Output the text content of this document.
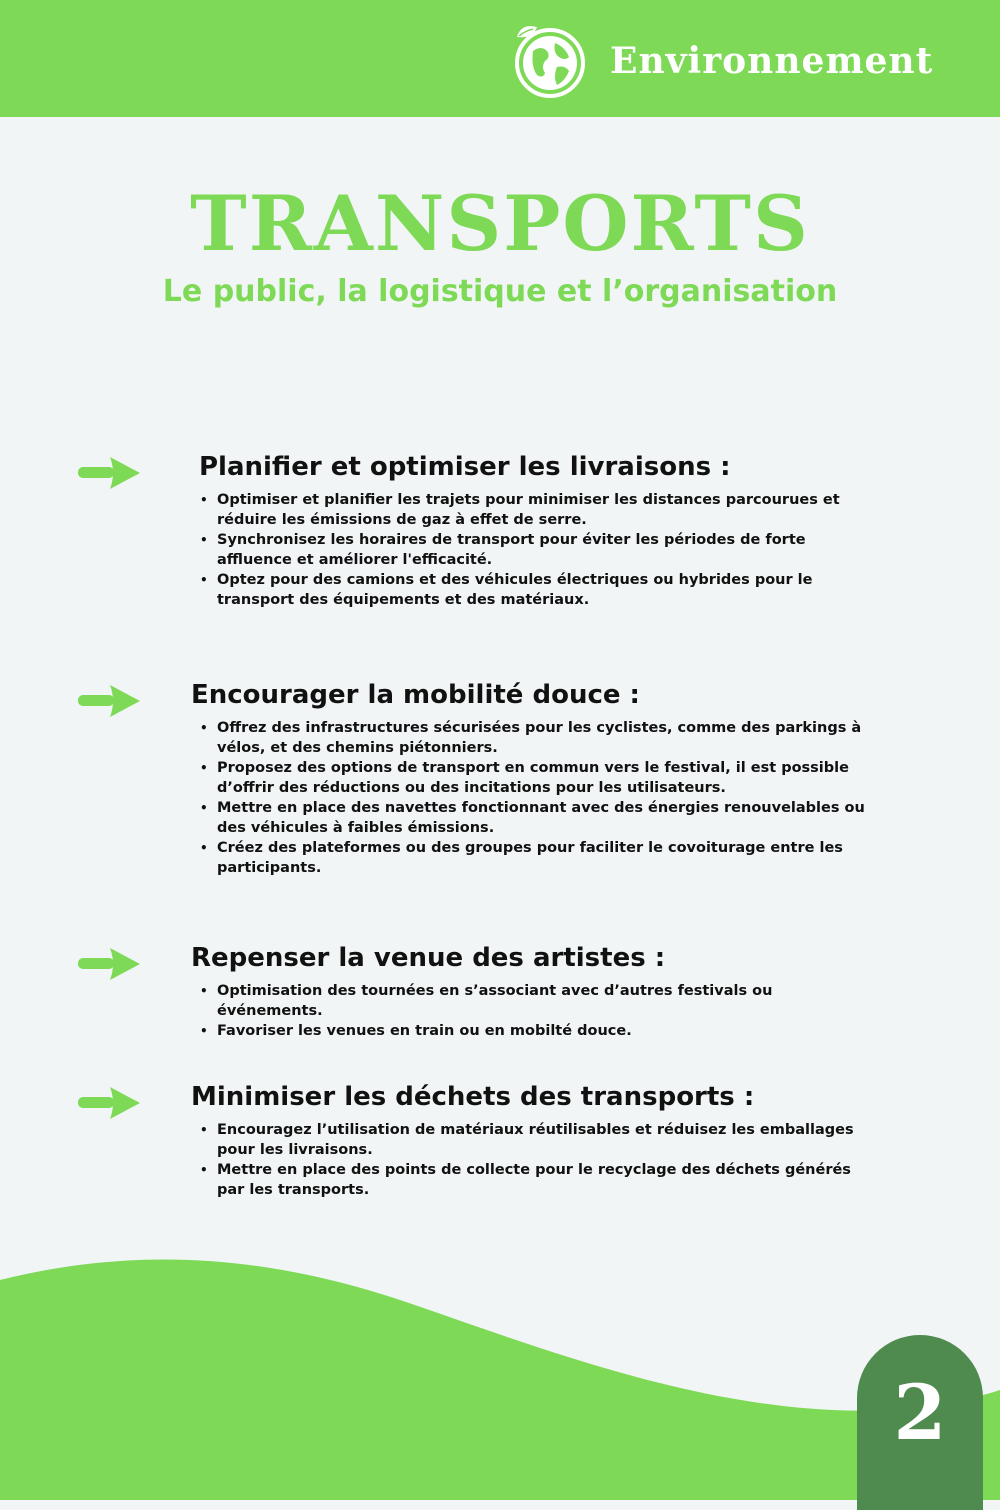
Environnement
TRANSPORTS
Le public, la logistique et l’organisation
Planifier et optimiser les livraisons :
• Optimiser et planifier les trajets pour minimiser les distances parcourues et réduire les émissions de gaz à effet de serre.
• Synchronisez les horaires de transport pour éviter les périodes de forte affluence et améliorer l'efficacité.
• Optez pour des camions et des véhicules électriques ou hybrides pour le transport des équipements et des matériaux.
Encourager la mobilité douce :
• Offrez des infrastructures sécurisées pour les cyclistes, comme des parkings à vélos, et des chemins piétonniers.
• Proposez des options de transport en commun vers le festival, il est possible d’offrir des réductions ou des incitations pour les utilisateurs.
• Mettre en place des navettes fonctionnant avec des énergies renouvelables ou des véhicules à faibles émissions.
• Créez des plateformes ou des groupes pour faciliter le covoiturage entre les participants.
Repenser la venue des artistes :
• Optimisation des tournées en s’associant avec d’autres festivals ou événements.
• Favoriser les venues en train ou en mobilté douce.
Minimiser les déchets des transports :
• Encouragez l’utilisation de matériaux réutilisables et réduisez les emballages pour les livraisons.
• Mettre en place des points de collecte pour le recyclage des déchets générés par les transports.
2
